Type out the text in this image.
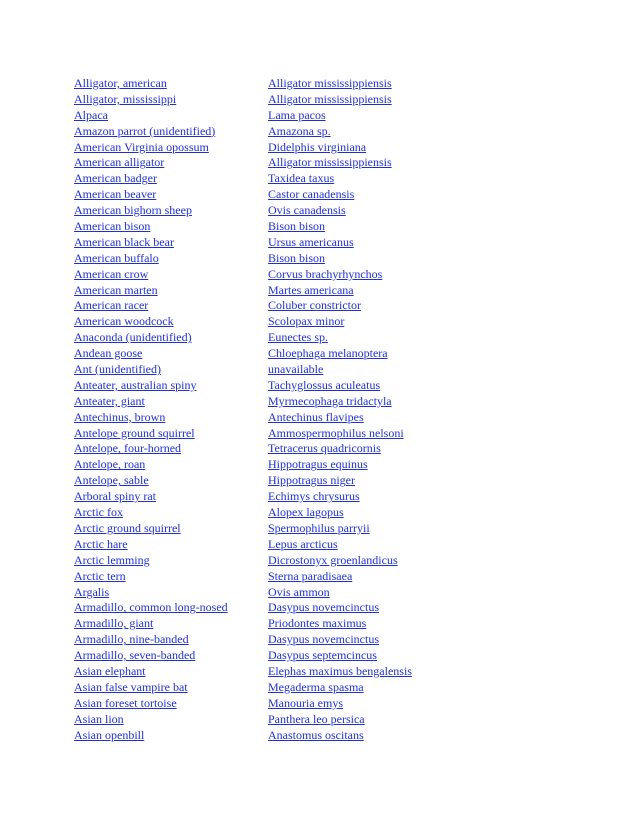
Alligator, american	Alligator mississippiensis
Alligator, mississippi	Alligator mississippiensis
Alpaca	Lama pacos
Amazon parrot (unidentified)	Amazona sp.
American Virginia opossum	Didelphis virginiana
American alligator	Alligator mississippiensis
American badger	Taxidea taxus
American beaver	Castor canadensis
American bighorn sheep	Ovis canadensis
American bison	Bison bison
American black bear	Ursus americanus
American buffalo	Bison bison
American crow	Corvus brachyrhynchos
American marten	Martes americana
American racer	Coluber constrictor
American woodcock	Scolopax minor
Anaconda (unidentified)	Eunectes sp.
Andean goose	Chloephaga melanoptera
Ant (unidentified)	unavailable
Anteater, australian spiny	Tachyglossus aculeatus
Anteater, giant	Myrmecophaga tridactyla
Antechinus, brown	Antechinus flavipes
Antelope ground squirrel	Ammospermophilus nelsoni
Antelope, four-horned	Tetracerus quadricornis
Antelope, roan	Hippotragus equinus
Antelope, sable	Hippotragus niger
Arboral spiny rat	Echimys chrysurus
Arctic fox	Alopex lagopus
Arctic ground squirrel	Spermophilus parryii
Arctic hare	Lepus arcticus
Arctic lemming	Dicrostonyx groenlandicus
Arctic tern	Sterna paradisaea
Argalis	Ovis ammon
Armadillo, common long-nosed	Dasypus novemcinctus
Armadillo, giant	Priodontes maximus
Armadillo, nine-banded	Dasypus novemcinctus
Armadillo, seven-banded	Dasypus septemcincus
Asian elephant	Elephas maximus bengalensis
Asian false vampire bat	Megaderma spasma
Asian foreset tortoise	Manouria emys
Asian lion	Panthera leo persica
Asian openbill	Anastomus oscitans
